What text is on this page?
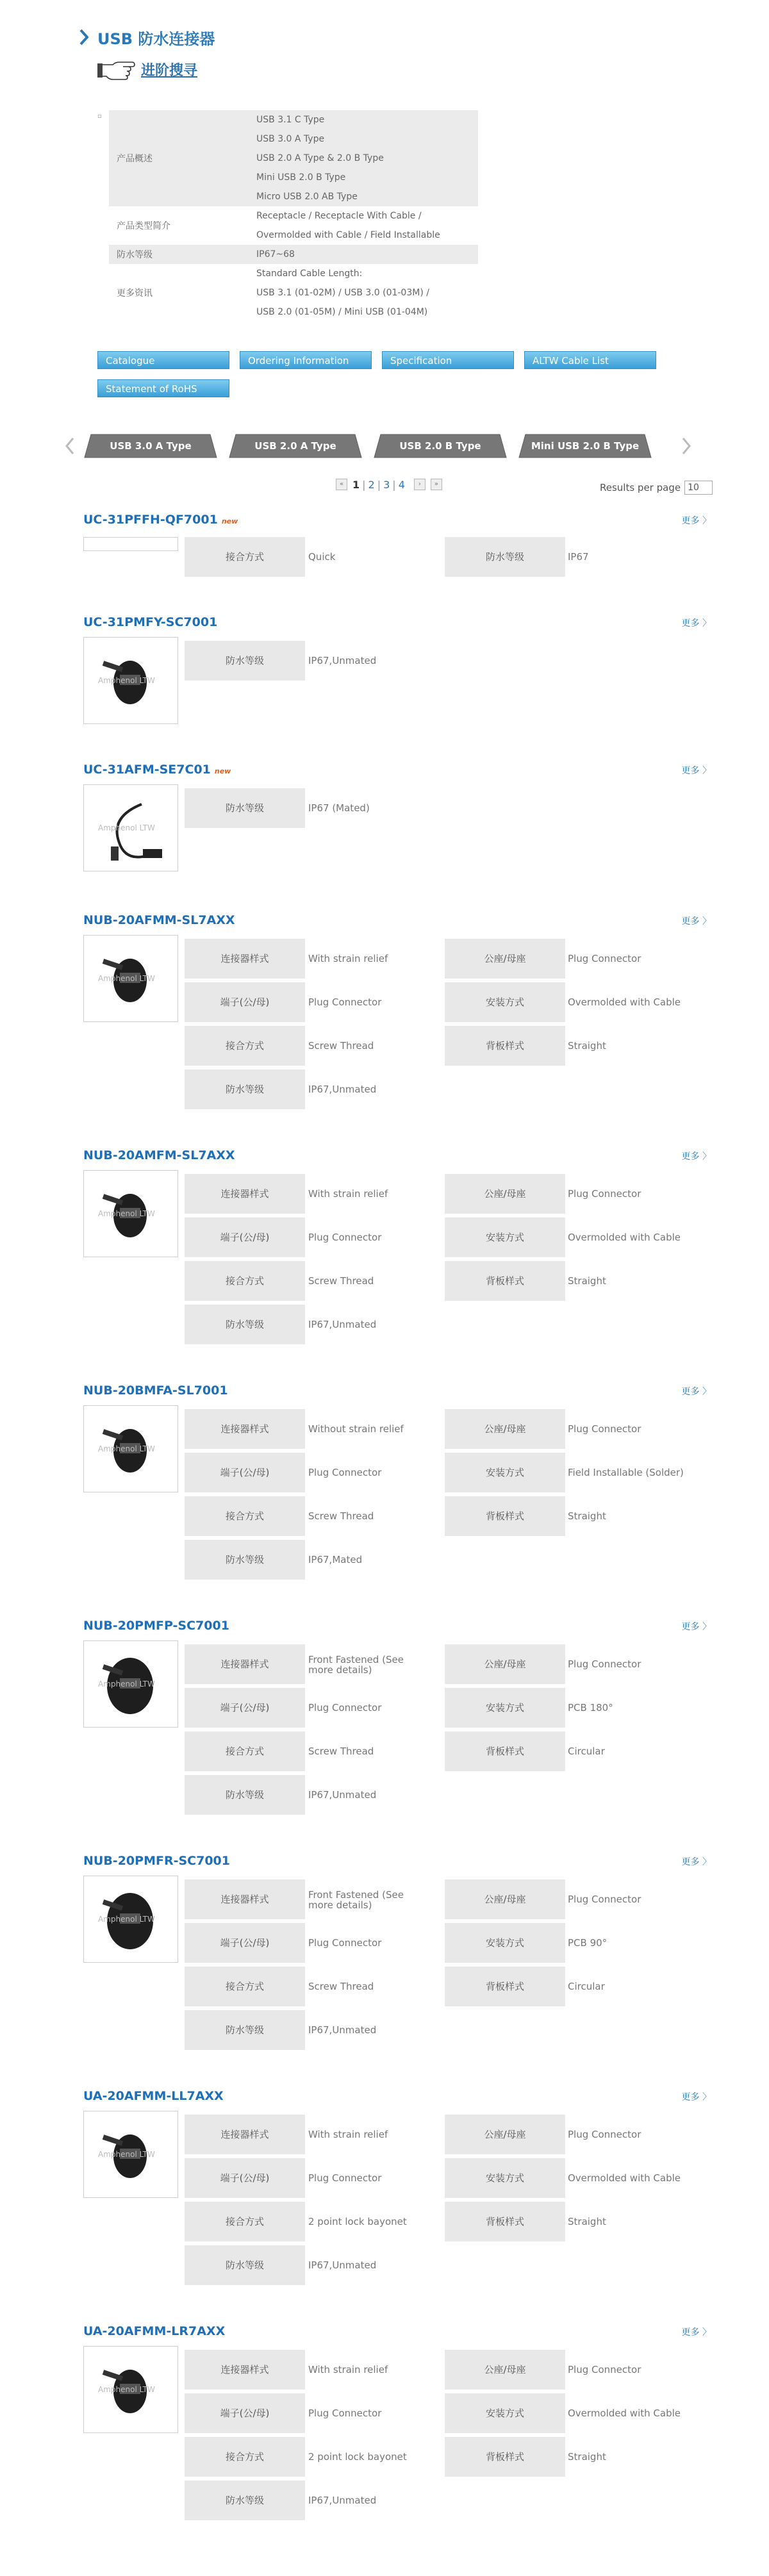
USB 防水连接器
进阶搜寻
▫
产品概述
USB 3.1 C Type
USB 3.0 A Type
USB 2.0 A Type & 2.0 B Type
Mini USB 2.0 B Type
Micro USB 2.0 AB Type
产品类型简介
Receptacle / Receptacle With Cable /
Overmolded with Cable / Field Installable
防水等级	IP67~68
更多资讯
Standard Cable Length:
USB 3.1 (01-02M) / USB 3.0 (01-03M) /
USB 2.0 (01-05M) / Mini USB (01-04M)
Catalogue	Ordering Information	Specification	ALTW Cable List
Statement of RoHS
USB 3.0 A Type	USB 2.0 A Type	USB 2.0 B Type	Mini USB 2.0 B Type
« 1 | 2 | 3 | 4	›	»	Results per page
10
UC-31PFFH-QF7001 new	更多 〉
接合方式	Quick	防水等级	IP67
UC-31PMFY-SC7001	更多 〉
Amphenol LTW
防水等级	IP67,Unmated
UC-31AFM-SE7C01 new	更多 〉
Amphenol LTW
防水等级	IP67 (Mated)
NUB-20AFMM-SL7AXX	更多 〉
Amphenol LTW
连接器样式	With strain relief	公座/母座	Plug Connector
端子(公/母)	Plug Connector	安装方式	Overmolded with Cable
接合方式	Screw Thread	背板样式	Straight
防水等级	IP67,Unmated
NUB-20AMFM-SL7AXX	更多 〉
Amphenol LTW
连接器样式	With strain relief	公座/母座	Plug Connector
端子(公/母)	Plug Connector	安装方式	Overmolded with Cable
接合方式	Screw Thread	背板样式	Straight
防水等级	IP67,Unmated
NUB-20BMFA-SL7001	更多 〉
Amphenol LTW
连接器样式	Without strain relief	公座/母座	Plug Connector
端子(公/母)	Plug Connector	安装方式	Field Installable (Solder)
接合方式	Screw Thread	背板样式	Straight
防水等级	IP67,Mated
NUB-20PMFP-SC7001	更多 〉
Amphenol LTW
连接器样式	Front Fastened (See more details)	公座/母座	Plug Connector
端子(公/母)	Plug Connector	安装方式	PCB 180°
接合方式	Screw Thread	背板样式	Circular
防水等级	IP67,Unmated
NUB-20PMFR-SC7001	更多 〉
Amphenol LTW
连接器样式	Front Fastened (See more details)	公座/母座	Plug Connector
端子(公/母)	Plug Connector	安装方式	PCB 90°
接合方式	Screw Thread	背板样式	Circular
防水等级	IP67,Unmated
UA-20AFMM-LL7AXX	更多 〉
Amphenol LTW
连接器样式	With strain relief	公座/母座	Plug Connector
端子(公/母)	Plug Connector	安装方式	Overmolded with Cable
接合方式	2 point lock bayonet	背板样式	Straight
防水等级	IP67,Unmated
UA-20AFMM-LR7AXX	更多 〉
Amphenol LTW
连接器样式	With strain relief	公座/母座	Plug Connector
端子(公/母)	Plug Connector	安装方式	Overmolded with Cable
接合方式	2 point lock bayonet	背板样式	Straight
防水等级	IP67,Unmated
